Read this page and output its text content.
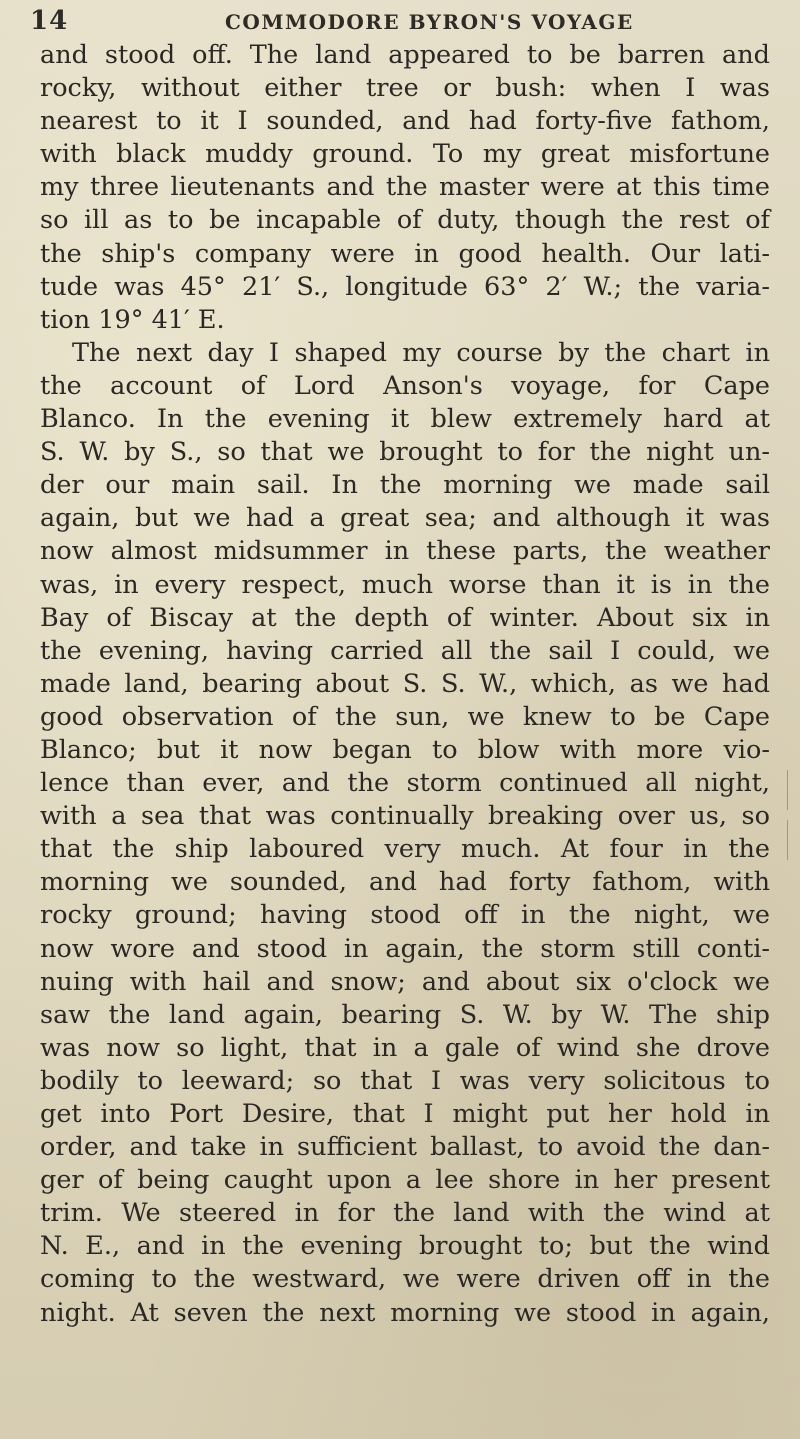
14	COMMODORE BYRON'S VOYAGE
and stood off. The land appeared to be barren and
rocky, without either tree or bush: when I was
nearest to it I sounded, and had forty-five fathom,
with black muddy ground. To my great misfortune
my three lieutenants and the master were at this time
so ill as to be incapable of duty, though the rest of
the ship's company were in good health. Our lati-
tude was 45° 21′ S., longitude 63° 2′ W.; the varia-
tion 19° 41′ E.
The next day I shaped my course by the chart in
the account of Lord Anson's voyage, for Cape
Blanco. In the evening it blew extremely hard at
S. W. by S., so that we brought to for the night un-
der our main sail. In the morning we made sail
again, but we had a great sea; and although it was
now almost midsummer in these parts, the weather
was, in every respect, much worse than it is in the
Bay of Biscay at the depth of winter. About six in
the evening, having carried all the sail I could, we
made land, bearing about S. S. W., which, as we had
good observation of the sun, we knew to be Cape
Blanco; but it now began to blow with more vio-
lence than ever, and the storm continued all night,
with a sea that was continually breaking over us, so
that the ship laboured very much. At four in the
morning we sounded, and had forty fathom, with
rocky ground; having stood off in the night, we
now wore and stood in again, the storm still conti-
nuing with hail and snow; and about six o'clock we
saw the land again, bearing S. W. by W. The ship
was now so light, that in a gale of wind she drove
bodily to leeward; so that I was very solicitous to
get into Port Desire, that I might put her hold in
order, and take in sufficient ballast, to avoid the dan-
ger of being caught upon a lee shore in her present
trim. We steered in for the land with the wind at
N. E., and in the evening brought to; but the wind
coming to the westward, we were driven off in the
night. At seven the next morning we stood in again,
